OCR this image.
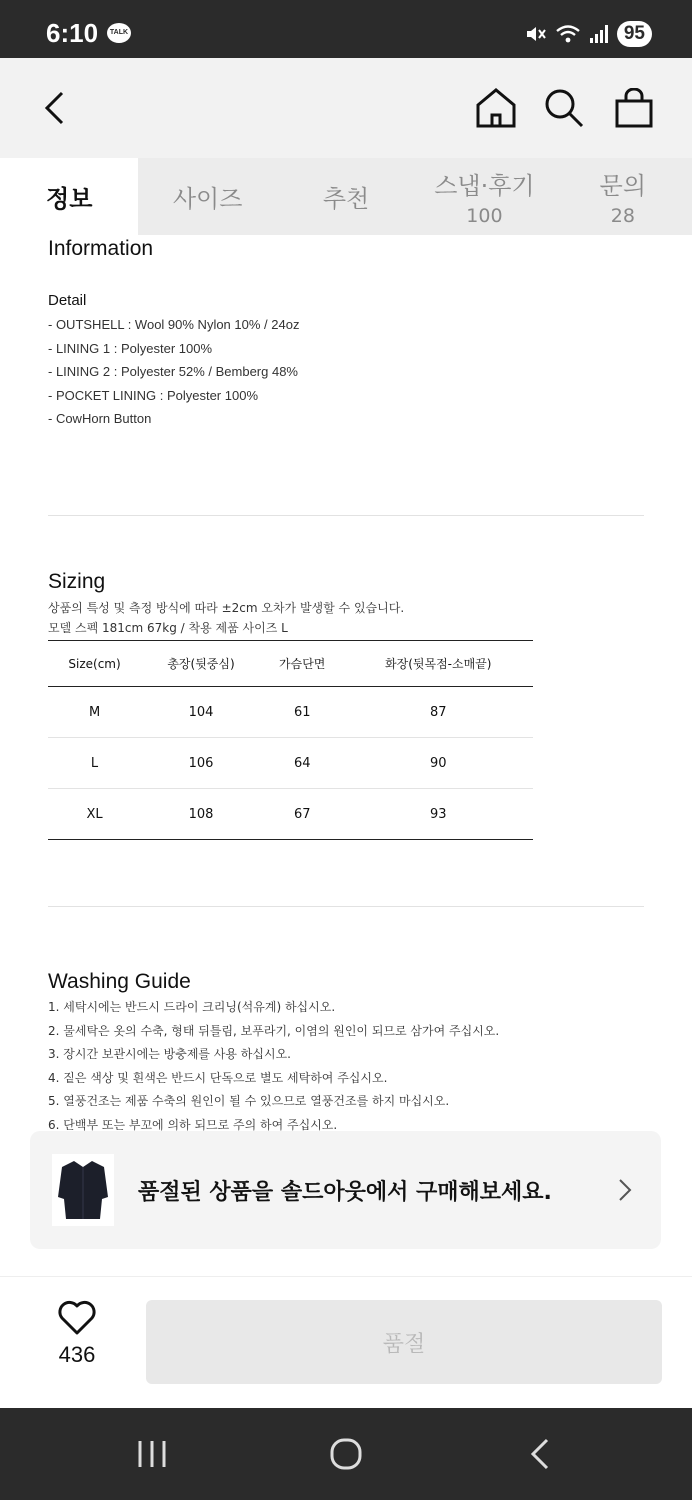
6:10	TALK	95
정보	사이즈	추천	스냅·후기
100
문의
28
Information
Detail
- OUTSHELL : Wool 90% Nylon 10% / 24oz
- LINING 1 : Polyester 100%
- LINING 2 : Polyester 52% / Bemberg 48%
- POCKET LINING : Polyester 100%
- CowHorn Button
Sizing
상품의 특성 및 측정 방식에 따라 ±2cm 오차가 발생할 수 있습니다.
모델 스펙 181cm 67kg / 착용 제품 사이즈 L
Size(cm)	총장(뒷중심)	가슴단면	화장(뒷목점-소매끝)
M	104	61	87
L	106	64	90
XL	108	67	93
Washing Guide
1. 세탁시에는 반드시 드라이 크리닝(석유계) 하십시오.
2. 물세탁은 옷의 수축, 형태 뒤틀림, 보푸라기, 이염의 원인이 되므로 삼가여 주십시오.
3. 장시간 보관시에는 방충제를 사용 하십시오.
4. 짙은 색상 및 흰색은 반드시 단독으로 별도 세탁하여 주십시오.
5. 열풍건조는 제품 수축의 원인이 될 수 있으므로 열풍건조를 하지 마십시오.
6. 단백부 또는 부꼬에 의하 되므로 주의 하여 주십시오.
품절된 상품을 솔드아웃에서 구매해보세요.
436	품절
